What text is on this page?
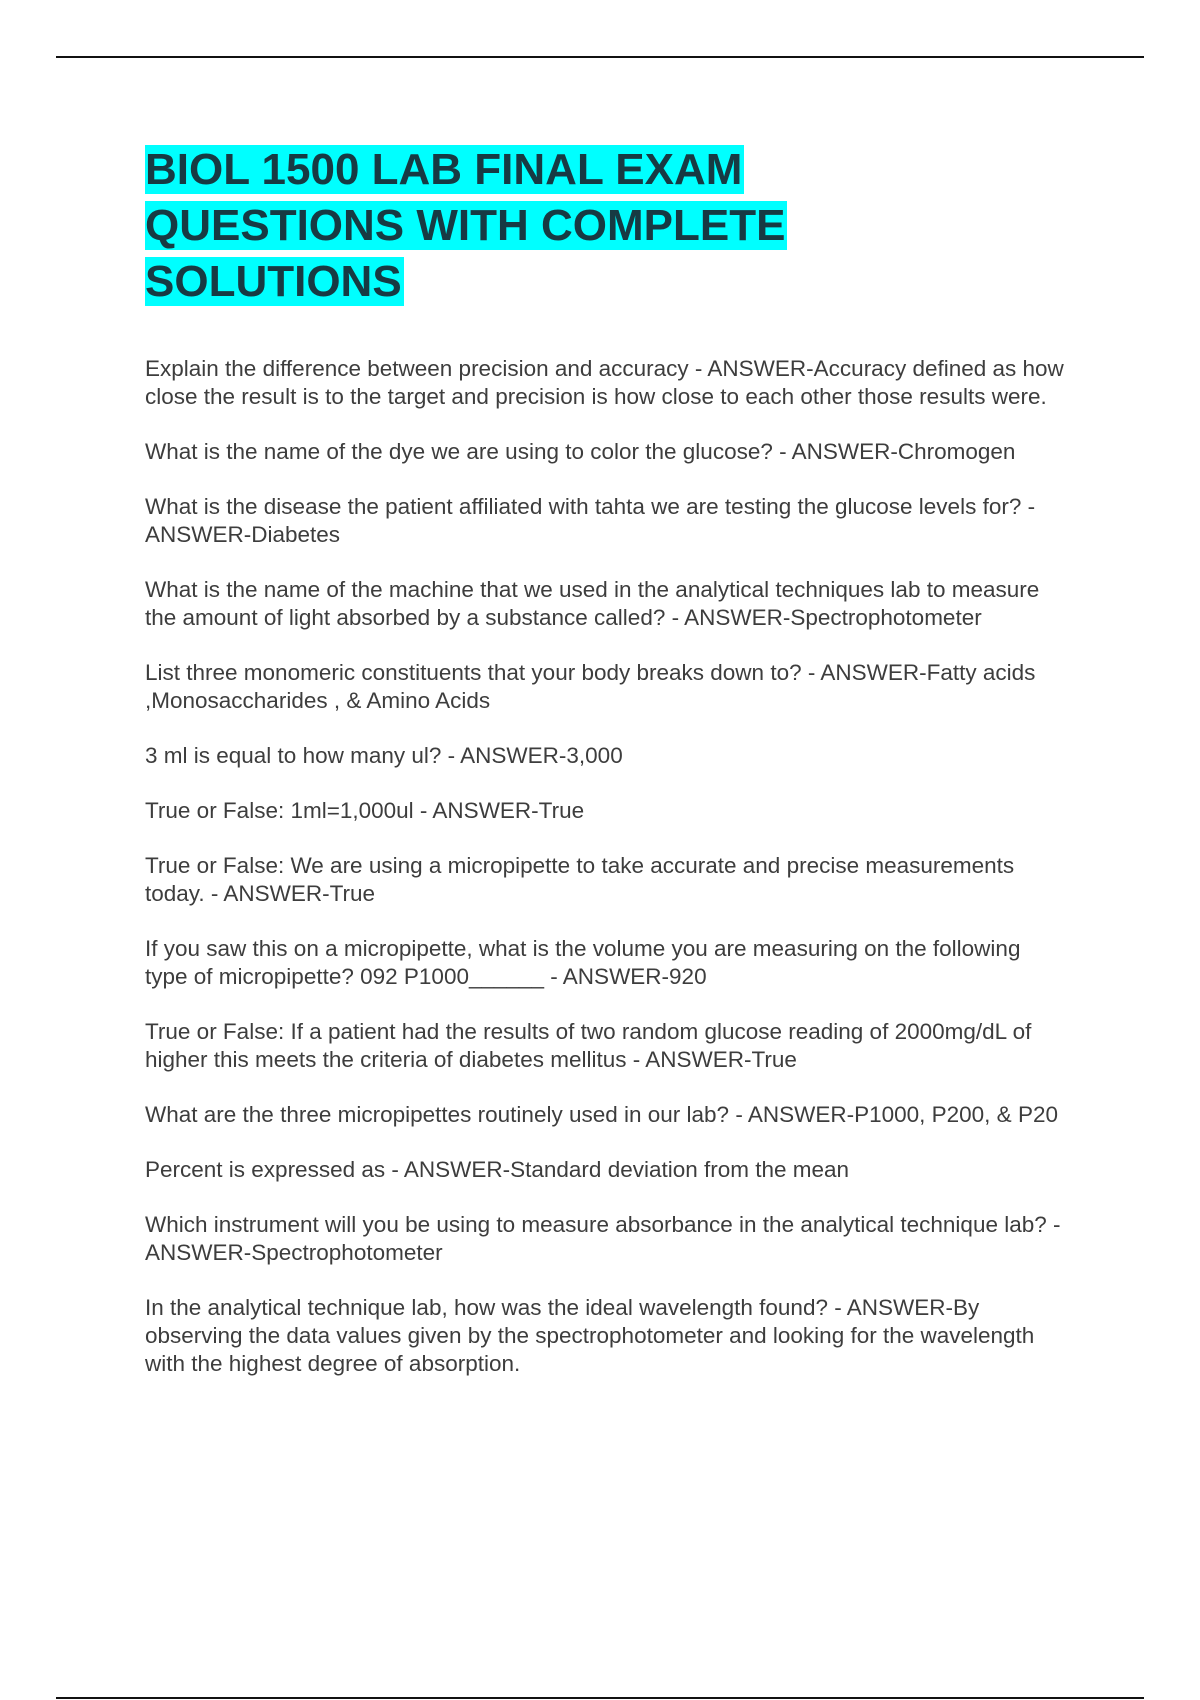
BIOL 1500 LAB FINAL EXAM
QUESTIONS WITH COMPLETE
SOLUTIONS

Explain the difference between precision and accuracy - ANSWER-Accuracy defined as how close the result is to the target and precision is how close to each other those results were.

What is the name of the dye we are using to color the glucose? - ANSWER-Chromogen

What is the disease the patient affiliated with tahta we are testing the glucose levels for? - ANSWER-Diabetes

What is the name of the machine that we used in the analytical techniques lab to measure the amount of light absorbed by a substance called? - ANSWER-Spectrophotometer

List three monomeric constituents that your body breaks down to? - ANSWER-Fatty acids ,Monosaccharides , & Amino Acids

3 ml is equal to how many ul? - ANSWER-3,000

True or False: 1ml=1,000ul - ANSWER-True

True or False: We are using a micropipette to take accurate and precise measurements today. - ANSWER-True

If you saw this on a micropipette, what is the volume you are measuring on the following type of micropipette? 092 P1000______ - ANSWER-920

True or False: If a patient had the results of two random glucose reading of 2000mg/dL of higher this meets the criteria of diabetes mellitus - ANSWER-True

What are the three micropipettes routinely used in our lab? - ANSWER-P1000, P200, & P20

Percent is expressed as - ANSWER-Standard deviation from the mean

Which instrument will you be using to measure absorbance in the analytical technique lab? - ANSWER-Spectrophotometer

In the analytical technique lab, how was the ideal wavelength found? - ANSWER-By observing the data values given by the spectrophotometer and looking for the wavelength with the highest degree of absorption.
